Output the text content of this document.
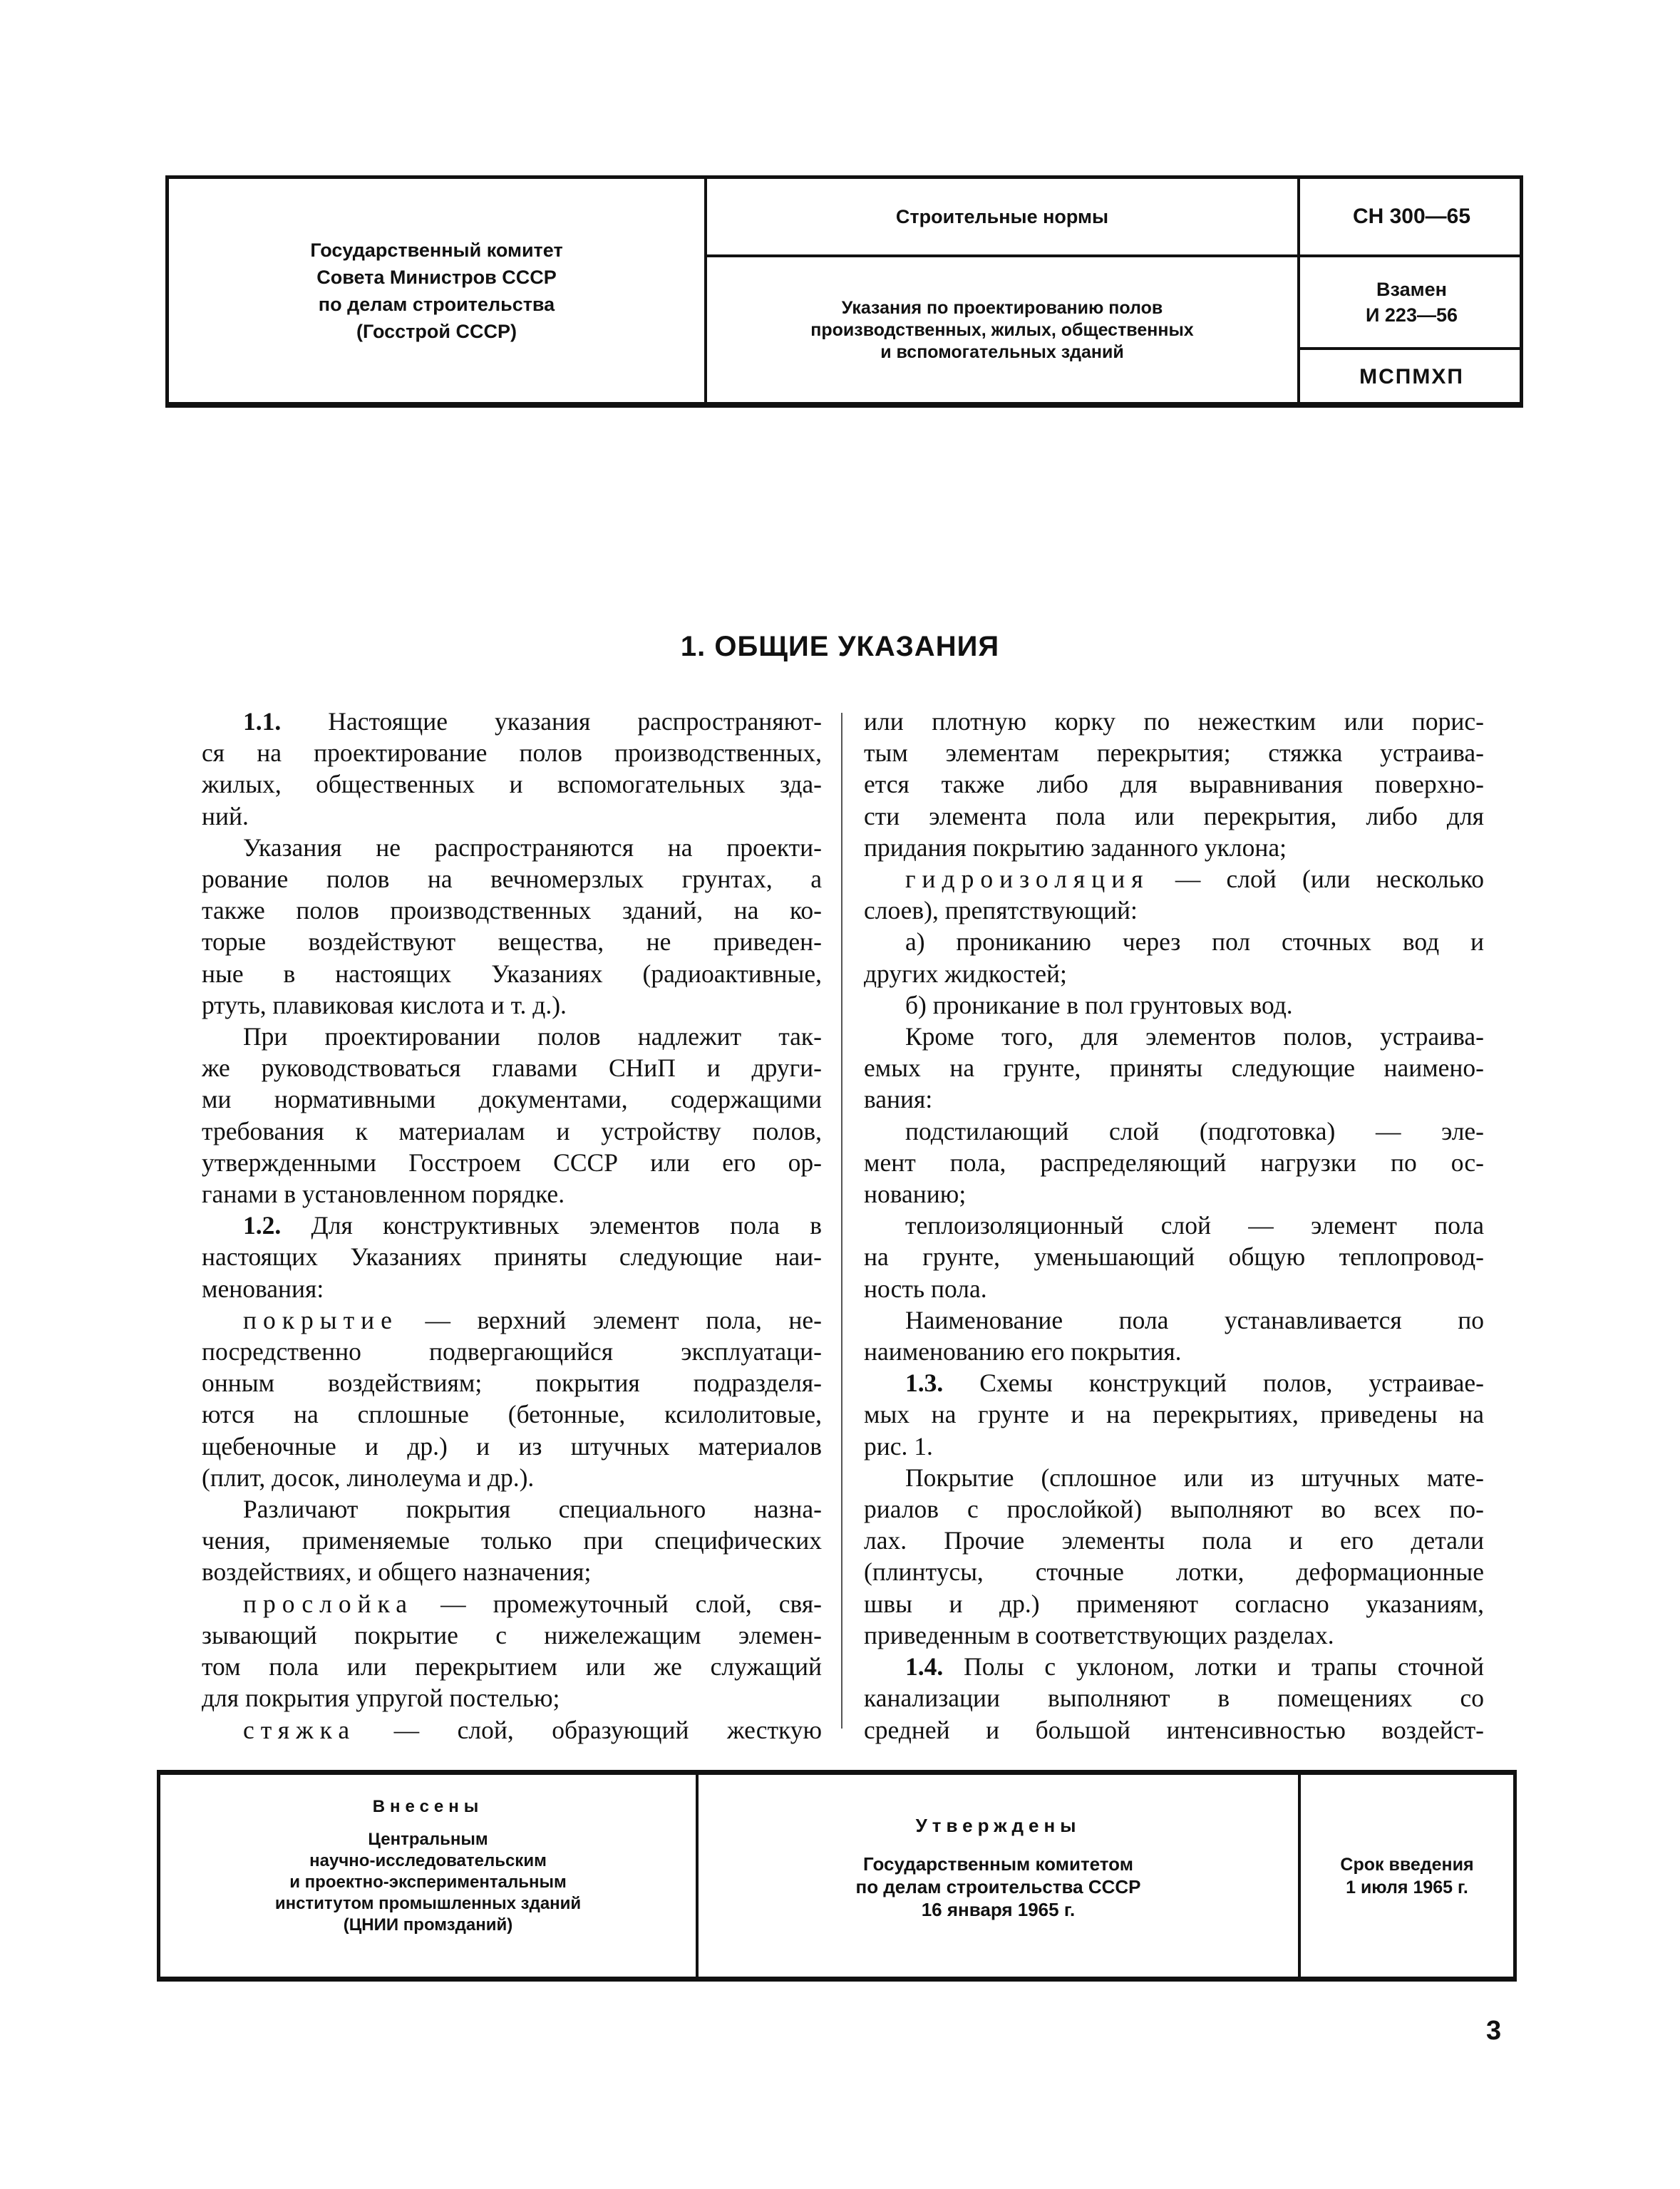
Государственный комитет
Совета Министров СССР
по делам строительства
(Госстрой СССР)
Строительные нормы
Указания по проектированию полов
производственных, жилых, общественных
и вспомогательных зданий
СН 300—65
Взамен
И 223—56
МСПМХП
1. ОБЩИЕ УКАЗАНИЯ
1.1. Настоящие указания распространяют-
ся на проектирование полов производственных,
жилых, общественных и вспомогательных зда-
ний.
Указания не распространяются на проекти-
рование полов на вечномерзлых грунтах, а
также полов производственных зданий, на ко-
торые воздействуют вещества, не приведен-
ные в настоящих Указаниях (радиоактивные,
ртуть, плавиковая кислота и т. д.).
При проектировании полов надлежит так-
же руководствоваться главами СНиП и други-
ми нормативными документами, содержащими
требования к материалам и устройству полов,
утвержденными Госстроем СССР или его ор-
ганами в установленном порядке.
1.2. Для конструктивных элементов пола в
настоящих Указаниях приняты следующие наи-
менования:
покрытие — верхний элемент пола, не-
посредственно подвергающийся эксплуатаци-
онным воздействиям; покрытия подразделя-
ются на сплошные (бетонные, ксилолитовые,
щебеночные и др.) и из штучных материалов
(плит, досок, линолеума и др.).
Различают покрытия специального назна-
чения, применяемые только при специфических
воздействиях, и общего назначения;
прослойка — промежуточный слой, свя-
зывающий покрытие с нижележащим элемен-
том пола или перекрытием или же служащий
для покрытия упругой постелью;
стяжка — слой, образующий жесткую
или плотную корку по нежестким или порис-
тым элементам перекрытия; стяжка устраива-
ется также либо для выравнивания поверхно-
сти элемента пола или перекрытия, либо для
придания покрытию заданного уклона;
гидроизоляция — слой (или несколько
слоев), препятствующий:
а) прониканию через пол сточных вод и
других жидкостей;
б) проникание в пол грунтовых вод.
Кроме того, для элементов полов, устраива-
емых на грунте, приняты следующие наимено-
вания:
подстилающий слой (подготовка) — эле-
мент пола, распределяющий нагрузки по ос-
нованию;
теплоизоляционный слой — элемент пола
на грунте, уменьшающий общую теплопровод-
ность пола.
Наименование пола устанавливается по
наименованию его покрытия.
1.3. Схемы конструкций полов, устраивае-
мых на грунте и на перекрытиях, приведены на
рис. 1.
Покрытие (сплошное или из штучных мате-
риалов с прослойкой) выполняют во всех по-
лах. Прочие элементы пола и его детали
(плинтусы, сточные лотки, деформационные
швы и др.) применяют согласно указаниям,
приведенным в соответствующих разделах.
1.4. Полы с уклоном, лотки и трапы сточной
канализации выполняют в помещениях со
средней и большой интенсивностью воздейст-
Внесены
Центральным
научно-исследовательским
и проектно-экспериментальным
институтом промышленных зданий
(ЦНИИ промзданий)
Утверждены
Государственным комитетом
по делам строительства СССР
16 января 1965 г.
Срок введения
1 июля 1965 г.
3
